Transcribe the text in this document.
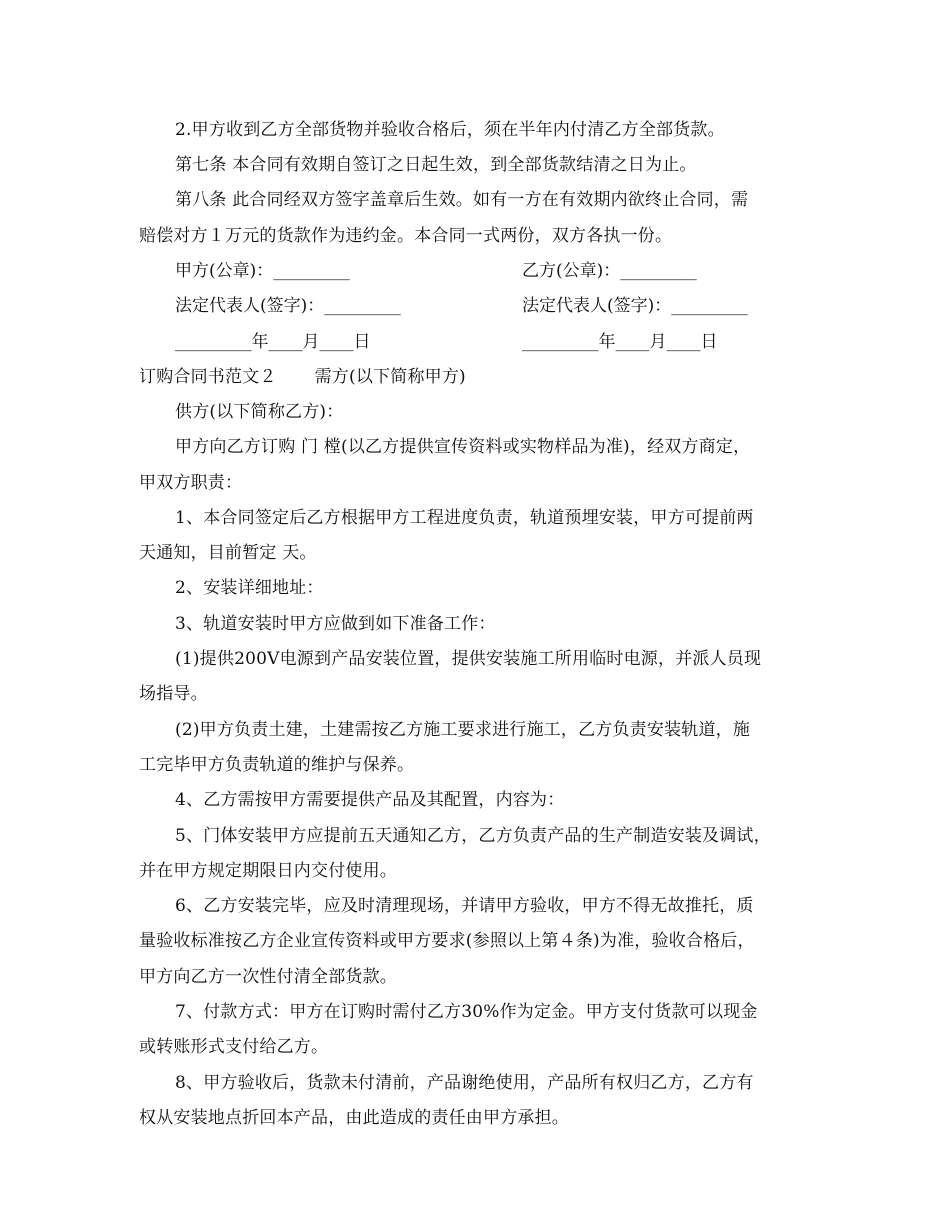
2.甲方收到乙方全部货物并验收合格后，须在半年内付清乙方全部货款。
第七条 本合同有效期自签订之日起生效，到全部货款结清之日为止。
第八条 此合同经双方签字盖章后生效。如有一方在有效期内欲终止合同，需
赔偿对方１万元的货款作为违约金。本合同一式两份，双方各执一份。
甲方(公章)：_________	乙方(公章)：_________
法定代表人(签字)：_________	法定代表人(签字)：_________
_________年____月____日	_________年____月____日
订购合同书范文２ 需方(以下简称甲方)
供方(以下简称乙方)：
甲方向乙方订购 门 樘(以乙方提供宣传资料或实物样品为准)，经双方商定，
甲双方职责：
1、本合同签定后乙方根据甲方工程进度负责，轨道预埋安装，甲方可提前两
天通知，目前暂定 天。
2、安装详细地址：
3、轨道安装时甲方应做到如下准备工作：
(1)提供200V电源到产品安装位置，提供安装施工所用临时电源，并派人员现
场指导。
(2)甲方负责土建，土建需按乙方施工要求进行施工，乙方负责安装轨道，施
工完毕甲方负责轨道的维护与保养。
4、乙方需按甲方需要提供产品及其配置，内容为：
5、门体安装甲方应提前五天通知乙方，乙方负责产品的生产制造安装及调试，
并在甲方规定期限日内交付使用。
6、乙方安装完毕，应及时清理现场，并请甲方验收，甲方不得无故推托，质
量验收标准按乙方企业宣传资料或甲方要求(参照以上第４条)为准，验收合格后，
甲方向乙方一次性付清全部货款。
7、付款方式：甲方在订购时需付乙方30%作为定金。甲方支付货款可以现金
或转账形式支付给乙方。
8、甲方验收后，货款未付清前，产品谢绝使用，产品所有权归乙方，乙方有
权从安装地点折回本产品，由此造成的责任由甲方承担。
